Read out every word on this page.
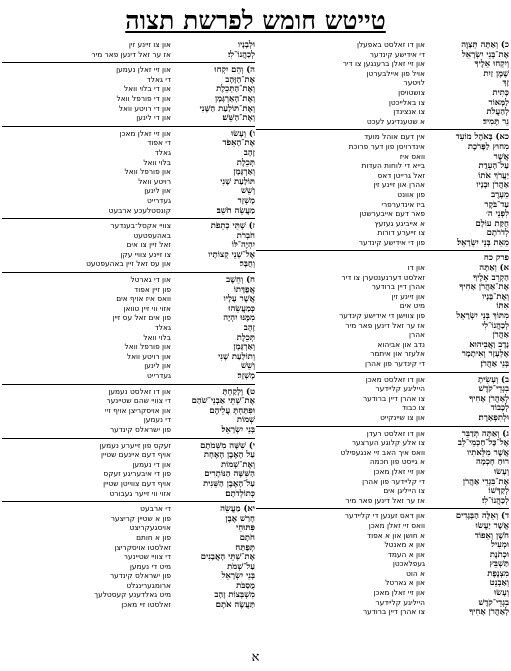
טייטש חומש לפרשת תצוה
כ) וְאַתָּה תְּצַוֶּה
און דו זאלסט באפעלן
אֶת־בְּנֵי יִשְׂרָאֵל
די אידישע קינדער
וְיִקְחוּ אֵלֶיךָ
און זיי זאלן ברענגען צו דיר
שֶׁמֶן זַיִת
אויל פון איילבערטן
זָךְ
לויטער
כָּתִית
צושטויסן
לַמָּאוֹר
צו באלייכטן
לְהַעֲלֹת
צו אנצינדן
נֵר תָּמִיד׃
א שטענדיגע לעכט
כא) בְּאֹהֶל מוֹעֵד
אין דעם אוהל מועד
מִחוּץ לַפָּרֹכֶת
אינדרויסן פון דער פרוכת
אֲשֶׁר
וואס איז
עַל־הָעֵדֻת
בייא די לוחות העדות
יַעֲרֹךְ אֹתוֹ
זאל גרייטן דאס
אַהֲרֹן וּבָנָיו
אהרן און זיינע זין
מֵעֶרֶב
פון אוונט
עַד־בֹּקֶר
ביז אינדערפרי
לִפְנֵי ה׳
פאר דעם אייבערשטן
חֻקַּת עוֹלָם
א אייביגע געזעץ
לְדֹרֹתָם
צו זייערע דורות
מֵאֵת בְּנֵי יִשְׂרָאֵל׃
פון די אידישע קינדער
פרק כח
א) וְאַתָּה
און דו
הַקְרֵב אֵלֶיךָ
זאלסט דערנענטערן צו דיר
אֶת־אַהֲרֹן אָחִיךָ
אהרן דיין ברודער
וְאֶת־בָּנָיו
און זיינע זין
אִתּוֹ
מיט אים
מִתּוֹךְ בְּנֵי יִשְׂרָאֵל
פון צווישן די אידישע קינדער
לְכַהֲנוֹ־לִי
אז ער זאל דינען פאר מיר
אַהֲרֹן
אהרן
נָדָב וַאֲבִיהוּא
נדב און אביהוא
אֶלְעָזָר וְאִיתָמָר
אלעזר און איתמר
בְּנֵי אַהֲרֹן׃
די קינדער פון אהרן
ב) וְעָשִׂיתָ
און דו זאלסט מאכן
בִגְדֵי־קֹדֶשׁ
הייליגע קליידער
לְאַהֲרֹן אָחִיךָ
צו אהרן דיין ברודער
לְכָבוֹד
צו כבוד
וּלְתִפְאָרֶת׃
און צו שיינקייט
ג) וְאַתָּה תְּדַבֵּר
און דו זאלסט רעדן
אֶל־כָּל־חַכְמֵי־לֵב
צו אלע קלוגע הערצער
אֲשֶׁר מִלֵּאתִיו
וואס איך האב זיי אנגעפילט
רוּחַ חָכְמָה
א גייסט פון חכמה
וְעָשׂוּ
און זיי זאלן מאכן
אֶת־בִּגְדֵי אַהֲרֹן
די קליידער פון אהרן
לְקַדְּשׁוֹ
צו הייליגן אים
לְכַהֲנוֹ־לִי׃
אז ער זאל דינען פאר מיר
ד) וְאֵלֶּה הַבְּגָדִים
און דאס זענען די קליידער
אֲשֶׁר יַעֲשׂוּ
וואס זיי זאלן מאכן
חֹשֶׁן וְאֵפוֹד
א חושן און א אפוד
וּמְעִיל
און א מאנטל
וּכְתֹנֶת
און א העמד
תַּשְׁבֵּץ
געפלאכטן
מִצְנֶפֶת
א הוט
וְאַבְנֵט
און א גארטל
וְעָשׂוּ
און זיי זאלן מאכן
בִגְדֵי־קֹדֶשׁ
הייליגע קליידער
לְאַהֲרֹן אָחִיךָ
צו אהרן דיין ברודער
וּלְבָנָיו
און צו זיינע זין
לְכַהֲנוֹ־לִי׃
אז ער זאל דינען פאר מיר
ה) וְהֵם יִקְחוּ
און זיי זאלן נעמען
אֶת־הַזָּהָב
די גאלד
וְאֶת־הַתְּכֵלֶת
און די בלוי וואל
וְאֶת־הָאַרְגָּמָן
און די פורפל וואל
וְאֶת־תּוֹלַעַת הַשָּׁנִי
און די רויטע וואל
וְאֶת־הַשֵּׁשׁ׃
און די לינען
ו) וְעָשׂוּ
און זיי זאלן מאכן
אֶת־הָאֵפֹד
די אפוד
זָהָב
גאלד
תְּכֵלֶת
בלוי וואל
וְאַרְגָּמָן
און פורפל וואל
תּוֹלַעַת שָׁנִי
רויטע וואל
וְשֵׁשׁ
און לינען
מָשְׁזָר
געדרייט
מַעֲשֵׂה חֹשֵׁב׃
קונסטלעכע ארבעט
ז) שְׁתֵּי כְתֵפֹת
צוויי אקסל־בענדער
חֹבְרֹת
באהעפטעט
יִהְיֶה־לּוֹ
זאל זיין צו אים
אֶל־שְׁנֵי קְצוֹתָיו
צו זיינע צוויי עקן
וְחֻבָּר׃
און עס זאל זיין באהעפטעט
ח) וְחֵשֶׁב
און די גארטל
אֲפֻדָּתוֹ
פון זיין אפוד
אֲשֶׁר עָלָיו
וואס איז אויף אים
כְּמַעֲשֵׂהוּ
אזוי ווי זיין טוואן
מִמֶּנּוּ יִהְיֶה
פון אים זאל עס זיין
זָהָב
גאלד
תְּכֵלֶת
בלוי וואל
וְאַרְגָּמָן
און פורפל וואל
וְתוֹלַעַת שָׁנִי
און רויטע וואל
וְשֵׁשׁ
און לינען
מָשְׁזָר׃
געדרייט
ט) וְלָקַחְתָּ
און דו זאלסט נעמען
אֶת־שְׁתֵּי אַבְנֵי־שֹׁהַם
די צוויי שהם שטיינער
וּפִתַּחְתָּ עֲלֵיהֶם
און אויסקריצן אויף זיי
שְׁמוֹת
די נעמען
בְּנֵי יִשְׂרָאֵל׃
פון ישראלס קינדער
י) שִׁשָּׁה מִשְּׁמֹתָם
זעקס פון זייערע נעמען
עַל הָאֶבֶן הָאֶחָת
אויף דעם איינעם שטיין
וְאֶת־שְׁמוֹת
און די נעמען
הַשִּׁשָּׁה הַנּוֹתָרִים
פון די איבעריגע זעקס
עַל־הָאֶבֶן הַשֵּׁנִית
אויף דעם צווייטן שטיין
כְּתוֹלְדֹתָם׃
אזוי ווי זייער געבורט
יא) מַעֲשֵׂה
די ארבעט
חָרַשׁ אֶבֶן
פון א שטיין קריצער
פִּתּוּחֵי
אויסגעקריצט
חֹתָם
פון א חותם
תְּפַתַּח
זאלסטו אויסקריצן
אֶת־שְׁתֵּי הָאֲבָנִים
די צוויי שטיינער
עַל־שְׁמֹת
מיט די נעמען
בְּנֵי יִשְׂרָאֵל
פון ישראלס קינדער
מֻסַבֹּת
ארומגערינגלט
מִשְׁבְּצוֹת זָהָב
מיט גאלדענע קעסטלעך
תַּעֲשֶׂה אֹתָם׃
זאלסטו זיי מאכן
א
